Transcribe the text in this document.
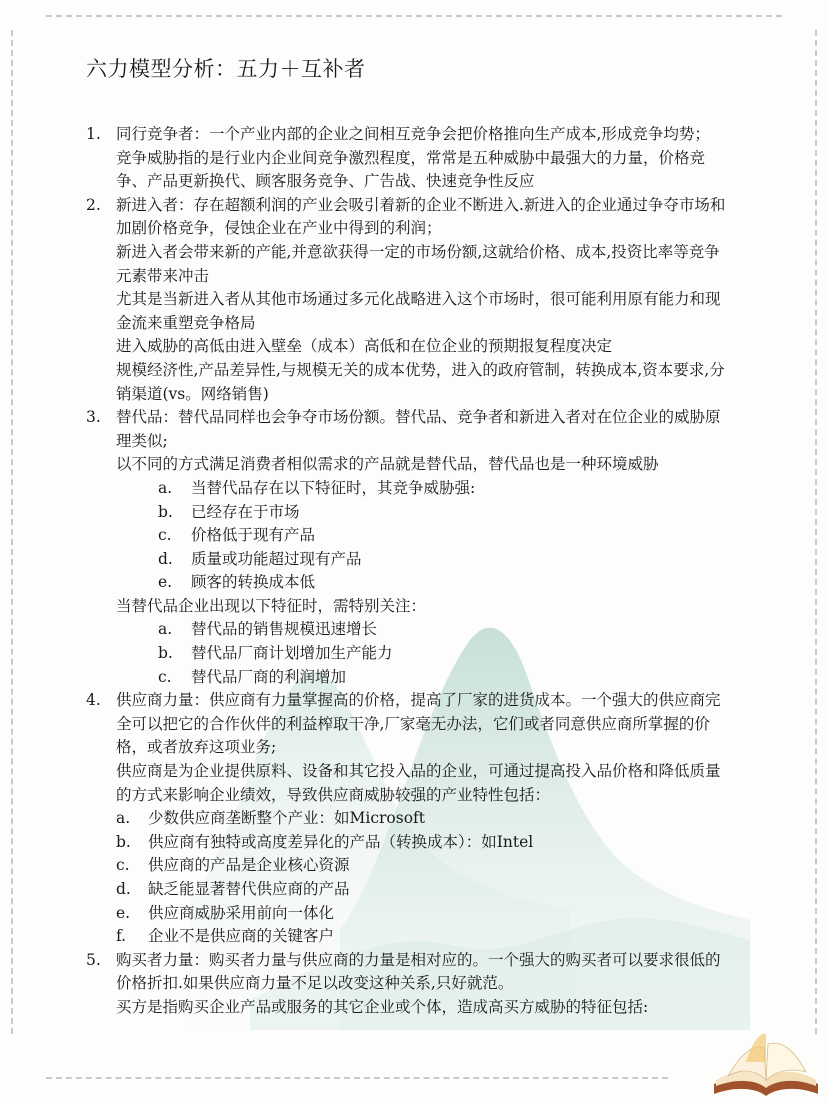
六力模型分析：五力＋互补者
1. 同行竞争者：一个产业内部的企业之间相互竞争会把价格推向生产成本,形成竞争均势；

竞争威胁指的是行业内企业间竞争激烈程度，常常是五种威胁中最强大的力量，价格竞争、产品更新换代、顾客服务竞争、广告战、快速竞争性反应

2. 新进入者：存在超额利润的产业会吸引着新的企业不断进入.新进入的企业通过争夺市场和加剧价格竞争，侵蚀企业在产业中得到的利润；

新进入者会带来新的产能,并意欲获得一定的市场份额,这就给价格、成本,投资比率等竞争元素带来冲击

尤其是当新进入者从其他市场通过多元化战略进入这个市场时，很可能利用原有能力和现金流来重塑竞争格局

进入威胁的高低由进入壁垒（成本）高低和在位企业的预期报复程度决定

规模经济性,产品差异性,与规模无关的成本优势，进入的政府管制，转换成本,资本要求,分销渠道(vs。网络销售)

3. 替代品：替代品同样也会争夺市场份额。替代品、竞争者和新进入者对在位企业的威胁原理类似;

以不同的方式满足消费者相似需求的产品就是替代品，替代品也是一种环境威胁

a. 当替代品存在以下特征时，其竞争威胁强:
b. 已经存在于市场
c. 价格低于现有产品
d. 质量或功能超过现有产品
e. 顾客的转换成本低

当替代品企业出现以下特征时，需特别关注：

a. 替代品的销售规模迅速增长
b. 替代品厂商计划增加生产能力
c. 替代品厂商的利润增加
4. 供应商力量：供应商有力量掌握高的价格，提高了厂家的进货成本。一个强大的供应商完全可以把它的合作伙伴的利益榨取干净,厂家毫无办法，它们或者同意供应商所掌握的价格，或者放弃这项业务;

供应商是为企业提供原料、设备和其它投入品的企业，可通过提高投入品价格和降低质量的方式来影响企业绩效，导致供应商威胁较强的产业特性包括：

a. 少数供应商垄断整个产业：如Microsoft
b. 供应商有独特或高度差异化的产品（转换成本）：如Intel
c. 供应商的产品是企业核心资源
d. 缺乏能显著替代供应商的产品
e. 供应商威胁采用前向一体化
f. 企业不是供应商的关键客户
5. 购买者力量：购买者力量与供应商的力量是相对应的。一个强大的购买者可以要求很低的价格折扣.如果供应商力量不足以改变这种关系,只好就范。

买方是指购买企业产品或服务的其它企业或个体，造成高买方威胁的特征包括:
